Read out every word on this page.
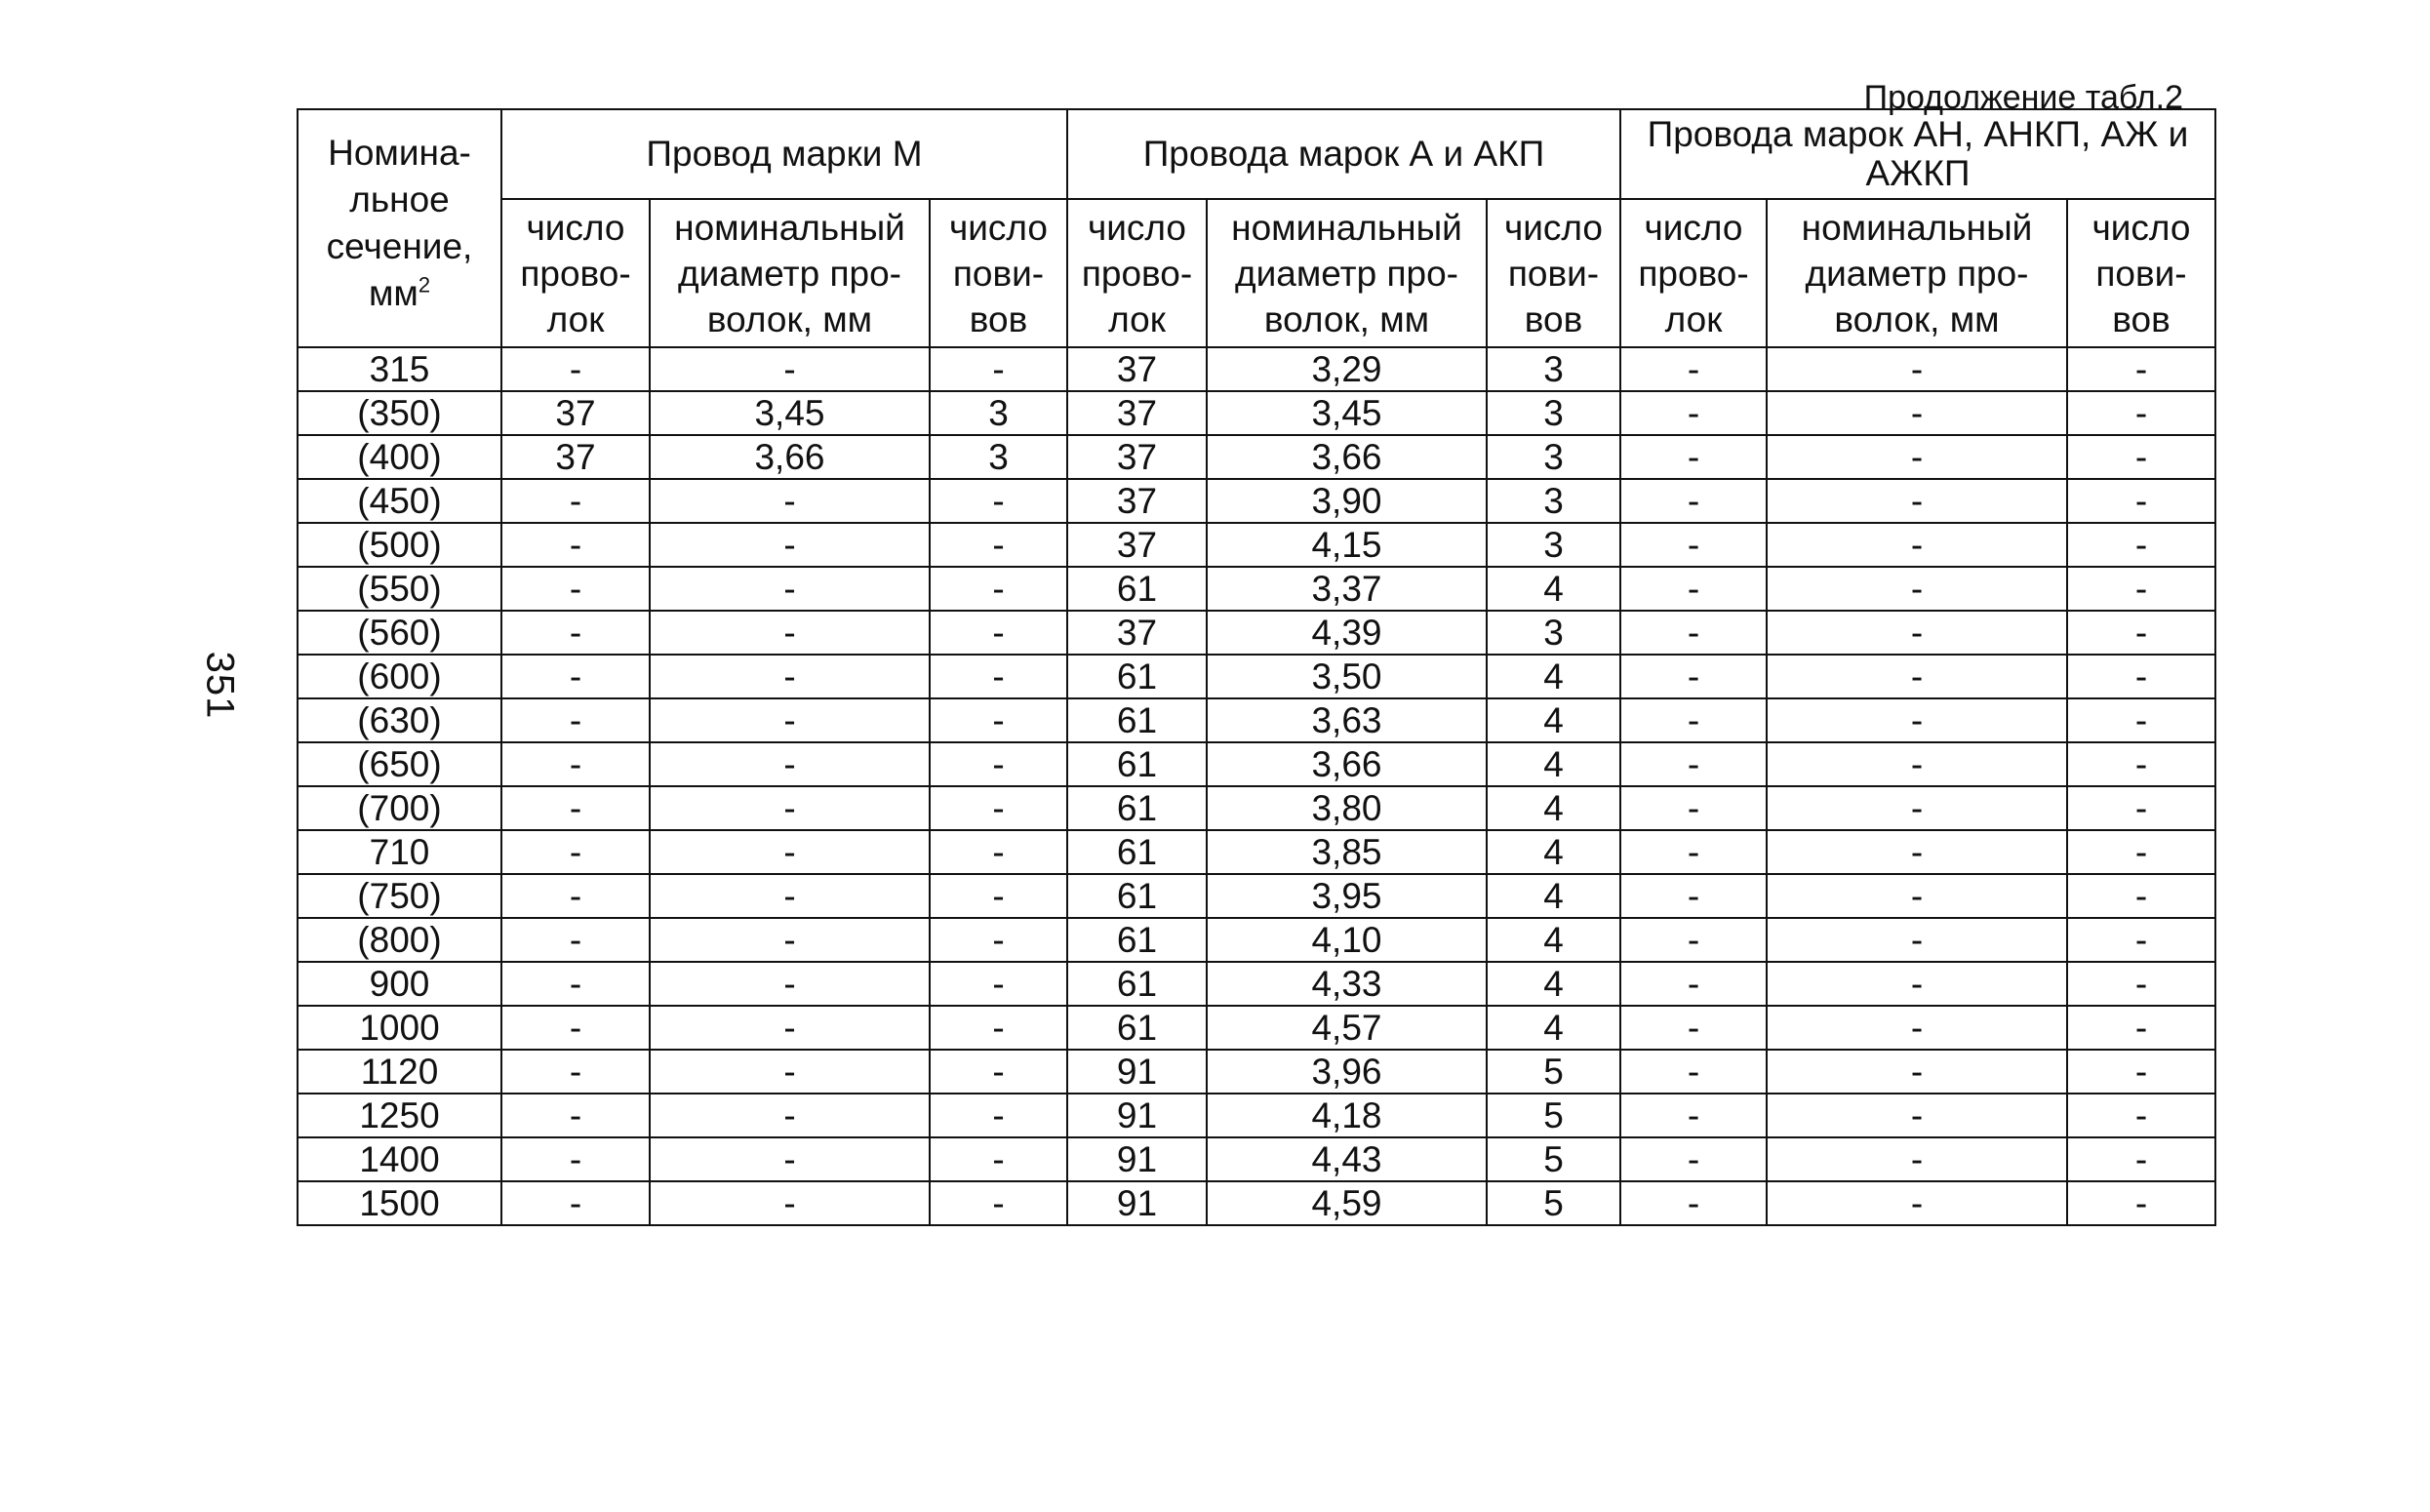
351
Продолжение табл.2
Номина-
льное
сечение,
$мм^2$	Провод марки М			Провода марок А и АКП			Провода марок АН, АНКП, АЖ и АЖКП		

	число
прово-
лок	номинальный
диаметр про-
волок, мм	число
пови-
вов	число
прово-
лок	номинальный
диаметр про-
волок, мм	число
пови-
вов	число
прово-
лок	номинальный
диаметр про-
волок, мм	число
пови-
вов

315	-	-	-	37	3,29	3	-	-	-
(350)	37	3,45	3	37	3,45	3	-	-	-
(400)	37	3,66	3	37	3,66	3	-	-	-
(450)	-	-	-	37	3,90	3	-	-	-
(500)	-	-	-	37	4,15	3	-	-	-
(550)	-	-	-	61	3,37	4	-	-	-
(560)	-	-	-	37	4,39	3	-	-	-
(600)	-	-	-	61	3,50	4	-	-	-
(630)	-	-	-	61	3,63	4	-	-	-
(650)	-	-	-	61	3,66	4	-	-	-
(700)	-	-	-	61	3,80	4	-	-	-
710	-	-	-	61	3,85	4	-	-	-
(750)	-	-	-	61	3,95	4	-	-	-
(800)	-	-	-	61	4,10	4	-	-	-
900	-	-	-	61	4,33	4	-	-	-
1000	-	-	-	61	4,57	4	-	-	-
1120	-	-	-	91	3,96	5	-	-	-
1250	-	-	-	91	4,18	5	-	-	-
1400	-	-	-	91	4,43	5	-	-	-
1500	-	-	-	91	4,59	5	-	-	-
